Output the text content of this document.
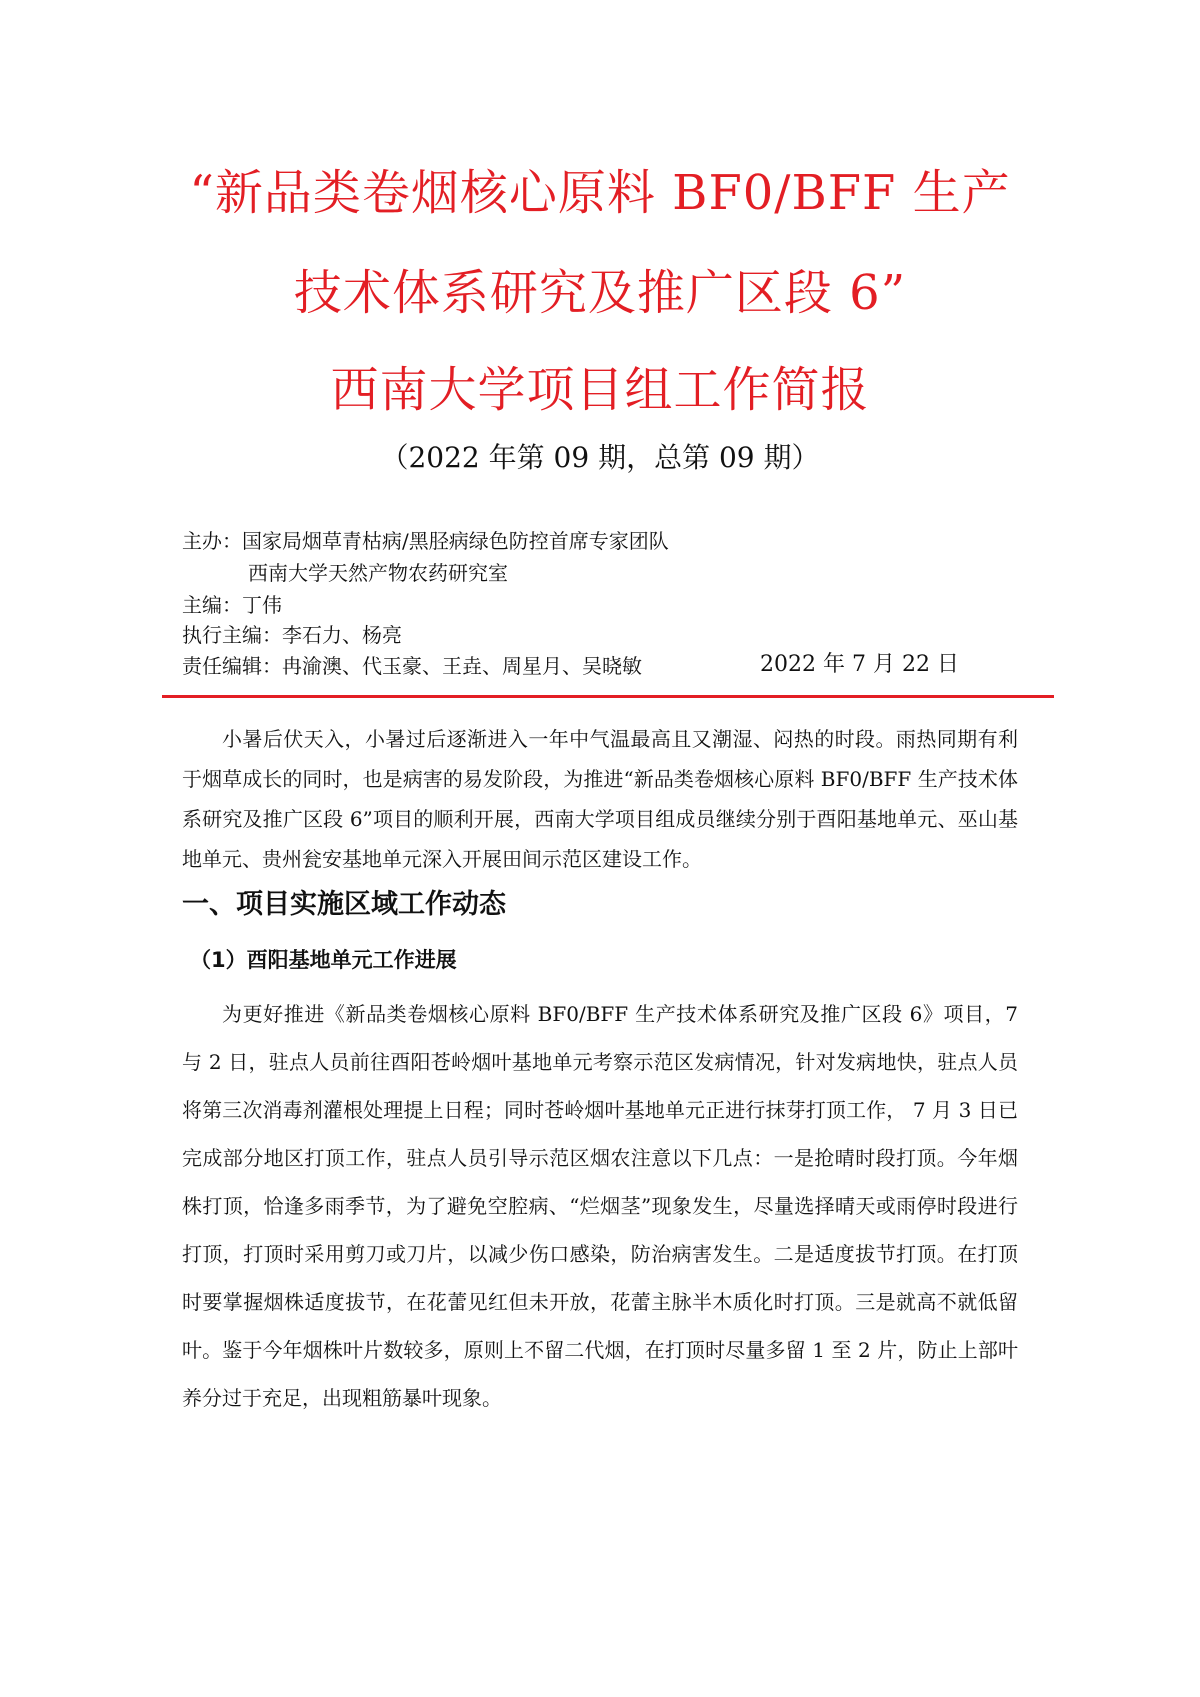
“新品类卷烟核心原料 BF0/BFF 生产
技术体系研究及推广区段 6”
西南大学项目组工作简报
（2022 年第 09 期，总第 09 期）
主办：国家局烟草青枯病/黑胫病绿色防控首席专家团队
西南大学天然产物农药研究室
主编：丁伟
执行主编：李石力、杨亮
责任编辑：冉渝澳、代玉豪、王垚、周星月、吴晓敏	2022 年 7 月 22 日

小暑后伏天入，小暑过后逐渐进入一年中气温最高且又潮湿、闷热的时段。雨热同期有利于烟草成长的同时，也是病害的易发阶段，为推进“新品类卷烟核心原料 BF0/BFF 生产技术体系研究及推广区段 6”项目的顺利开展，西南大学项目组成员继续分别于酉阳基地单元、巫山基地单元、贵州瓮安基地单元深入开展田间示范区建设工作。

一、项目实施区域工作动态
（1）酉阳基地单元工作进展

为更好推进《新品类卷烟核心原料 BF0/BFF 生产技术体系研究及推广区段 6》项目，7 与 2 日，驻点人员前往酉阳苍岭烟叶基地单元考察示范区发病情况，针对发病地快，驻点人员将第三次消毒剂灌根处理提上日程；同时苍岭烟叶基地单元正进行抹芽打顶工作， 7 月 3 日已完成部分地区打顶工作，驻点人员引导示范区烟农注意以下几点：一是抢晴时段打顶。今年烟株打顶，恰逢多雨季节，为了避免空腔病、“烂烟茎”现象发生，尽量选择晴天或雨停时段进行打顶，打顶时采用剪刀或刀片，以减少伤口感染，防治病害发生。二是适度拔节打顶。在打顶时要掌握烟株适度拔节，在花蕾见红但未开放，花蕾主脉半木质化时打顶。三是就高不就低留叶。鉴于今年烟株叶片数较多，原则上不留二代烟，在打顶时尽量多留 1 至 2 片，防止上部叶养分过于充足，出现粗筋暴叶现象。
